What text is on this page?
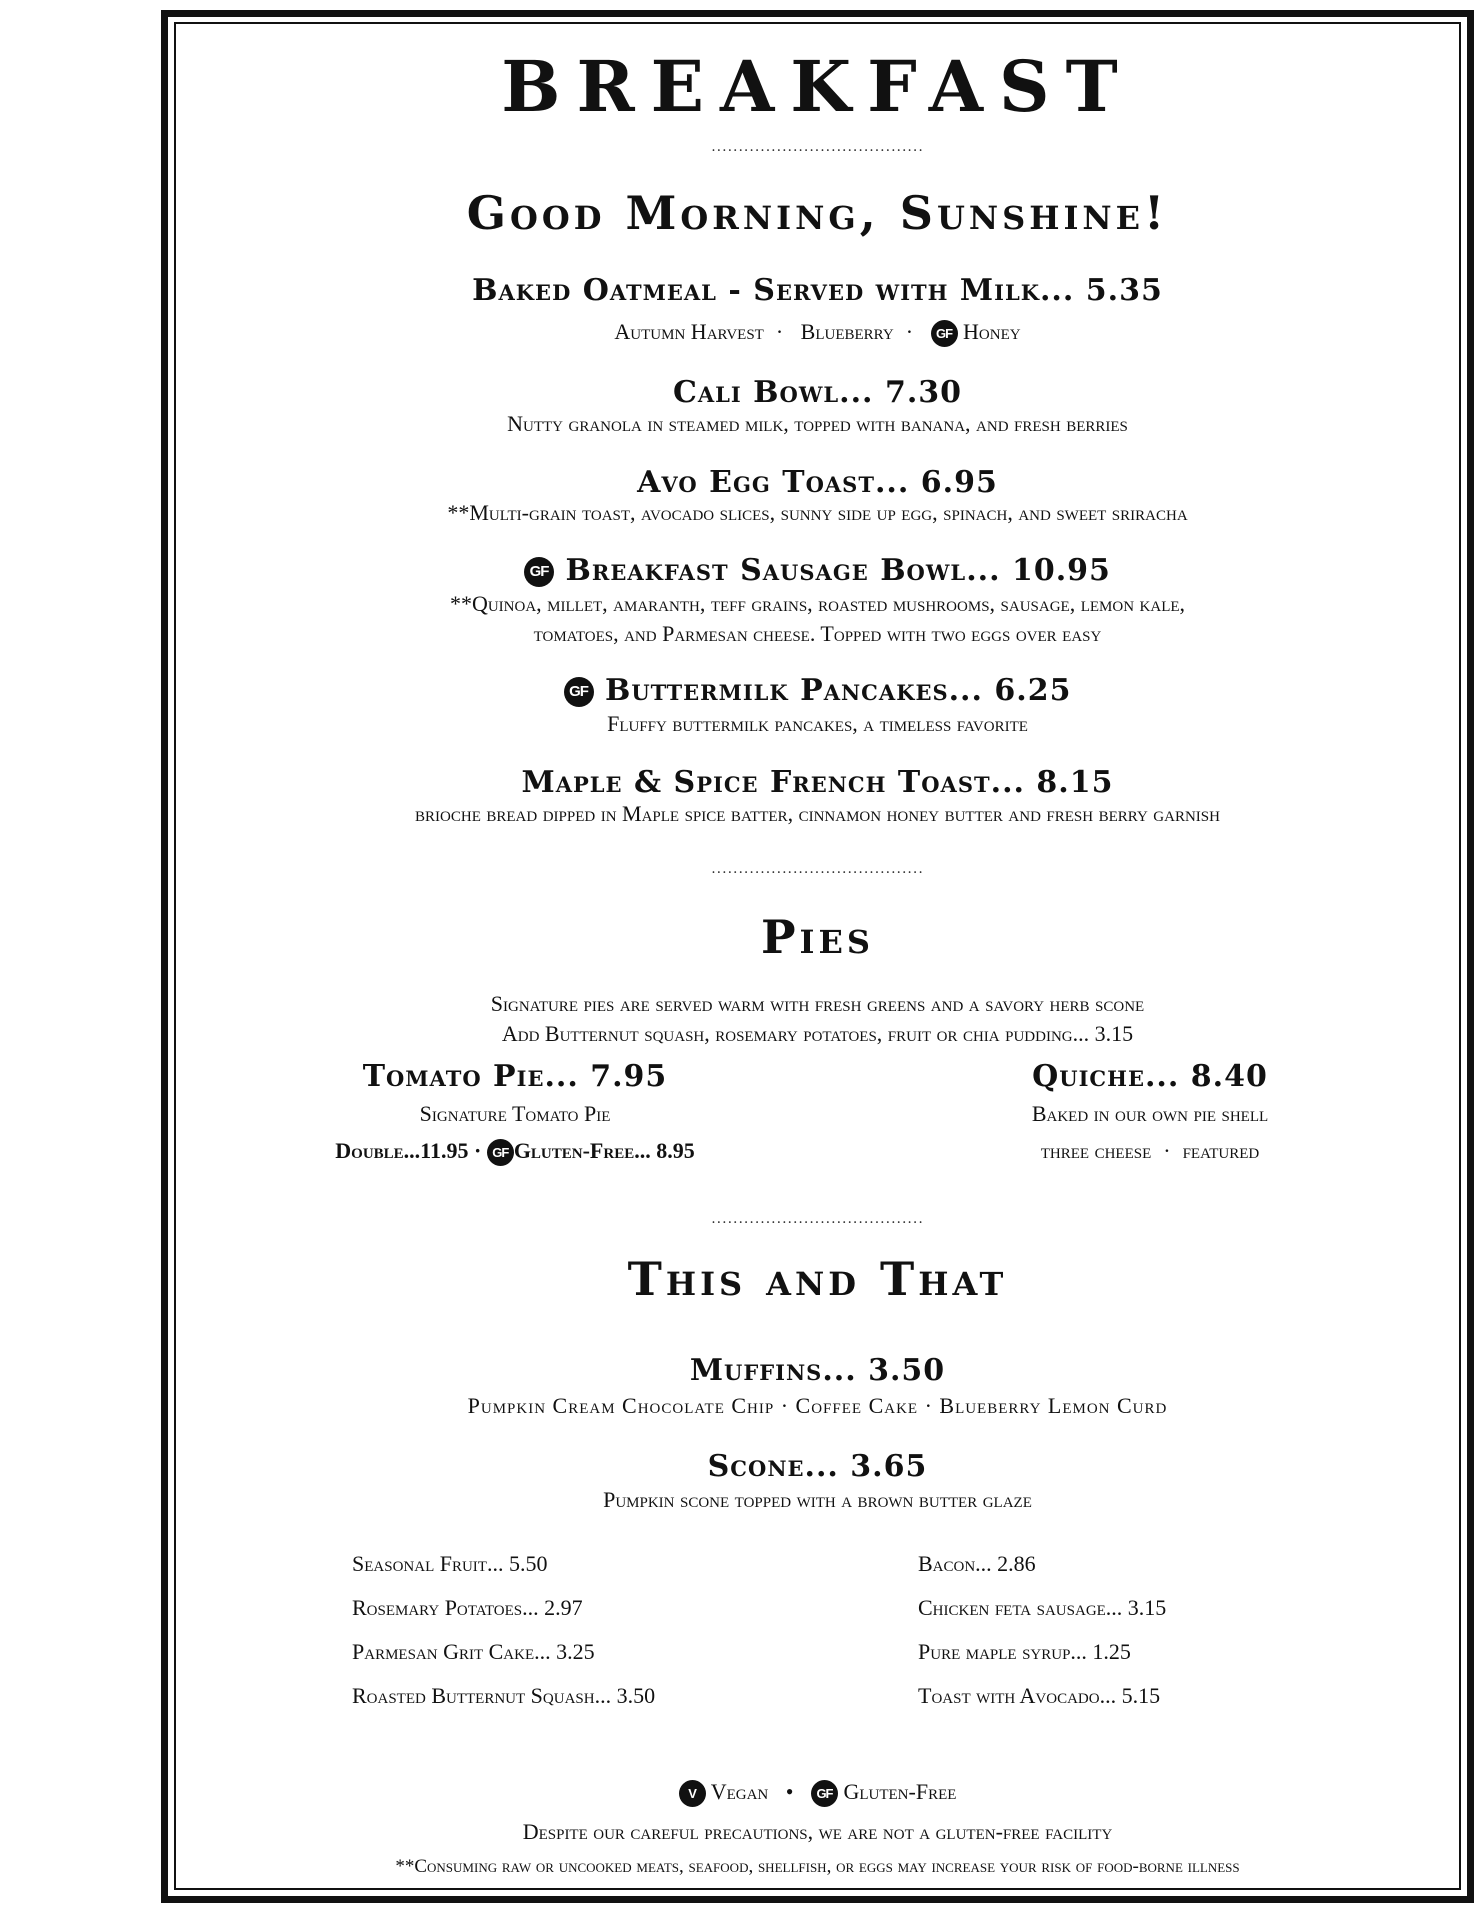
BREAKFAST
.......................................
Good Morning, Sunshine!
Baked Oatmeal - Served with Milk... 5.35
Autumn Harvest · Blueberry · GF Honey
Cali Bowl... 7.30
Nutty granola in steamed milk, topped with banana, and fresh berries
Avo Egg Toast... 6.95
**Multi-grain toast, avocado slices, sunny side up egg, spinach, and sweet sriracha
GF Breakfast Sausage Bowl... 10.95
**Quinoa, millet, amaranth, teff grains, roasted mushrooms, sausage, lemon kale,
tomatoes, and Parmesan cheese. Topped with two eggs over easy
GF Buttermilk Pancakes... 6.25
Fluffy buttermilk pancakes, a timeless favorite
Maple & Spice French Toast... 8.15
brioche bread dipped in Maple spice batter, cinnamon honey butter and fresh berry garnish
.......................................
Pies
Signature pies are served warm with fresh greens and a savory herb scone
Add Butternut squash, rosemary potatoes, fruit or chia pudding... 3.15
Tomato Pie... 7.95
Signature Tomato Pie
Double...11.95 · GF Gluten-Free... 8.95
Quiche... 8.40
Baked in our own pie shell
three cheese · featured
.......................................
This and That
Muffins... 3.50
Pumpkin Cream Chocolate Chip · Coffee Cake · Blueberry Lemon Curd
Scone... 3.65
Pumpkin scone topped with a brown butter glaze
Seasonal Fruit... 5.50
Rosemary Potatoes... 2.97
Parmesan Grit Cake... 3.25
Roasted Butternut Squash... 3.50
Bacon... 2.86
Chicken feta sausage... 3.15
Pure maple syrup... 1.25
Toast with Avocado... 5.15
V Vegan • GF Gluten-Free
Despite our careful precautions, we are not a gluten-free facility
**Consuming raw or uncooked meats, seafood, shellfish, or eggs may increase your risk of food-borne illness
